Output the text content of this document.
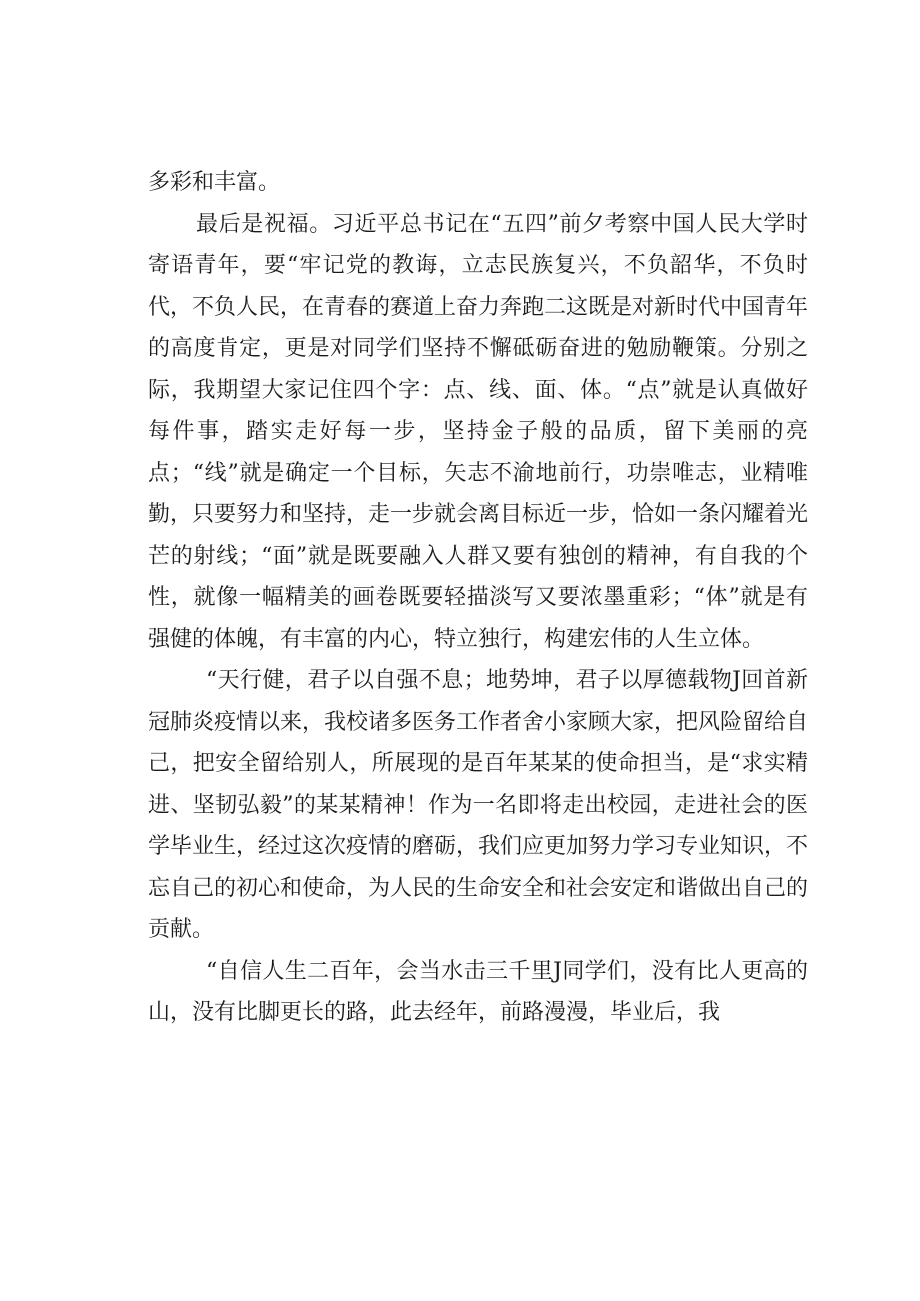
多彩和丰富。

最后是祝福。习近平总书记在“五四”前夕考察中国人民大学时寄语青年，要“牢记党的教诲，立志民族复兴，不负韶华，不负时代，不负人民，在青春的赛道上奋力奔跑二这既是对新时代中国青年的高度肯定，更是对同学们坚持不懈砥砺奋进的勉励鞭策。分别之际，我期望大家记住四个字：点、线、面、体。“点”就是认真做好每件事，踏实走好每一步，坚持金子般的品质，留下美丽的亮点；“线”就是确定一个目标，矢志不渝地前行，功崇唯志，业精唯勤，只要努力和坚持，走一步就会离目标近一步，恰如一条闪耀着光芒的射线；“面”就是既要融入人群又要有独创的精神，有自我的个性，就像一幅精美的画卷既要轻描淡写又要浓墨重彩；“体”就是有强健的体魄，有丰富的内心，特立独行，构建宏伟的人生立体。

“天行健，君子以自强不息；地势坤，君子以厚德载物J回首新冠肺炎疫情以来，我校诸多医务工作者舍小家顾大家，把风险留给自己，把安全留给别人，所展现的是百年某某的使命担当，是“求实精进、坚韧弘毅”的某某精神！作为一名即将走出校园，走进社会的医学毕业生，经过这次疫情的磨砺，我们应更加努力学习专业知识，不忘自己的初心和使命，为人民的生命安全和社会安定和谐做出自己的贡献。

“自信人生二百年，会当水击三千里J同学们，没有比人更高的山，没有比脚更长的路，此去经年，前路漫漫，毕业后，我
